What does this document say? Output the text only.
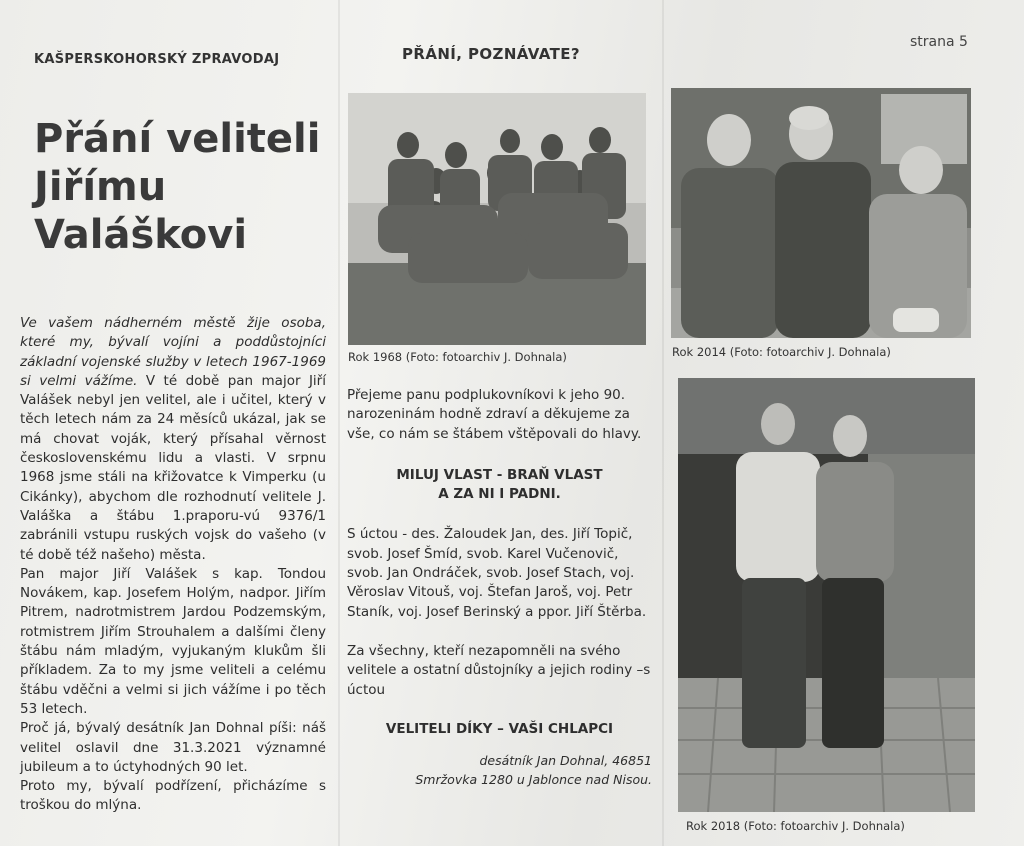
KAŠPERSKOHORSKÝ ZPRAVODAJ	PŘÁNÍ, POZNÁVATE?
strana 5
Přání veliteli
Jiřímu
Valáškovi

Ve vašem nádherném městě žije osoba, které my, bývalí vojíni a poddůstojníci základní vojenské služby v letech 1967-1969 si velmi vážíme. V té době pan major Jiří Valášek nebyl jen velitel, ale i učitel, který v těch letech nám za 24 měsíců ukázal, jak se má chovat voják, který přísahal věrnost československému lidu a vlasti. V srpnu 1968 jsme stáli na křižovatce k Vimperku (u Cikánky), abychom dle rozhodnutí velitele J. Valáška a štábu 1.praporu-vú 9376/1 zabránili vstupu ruských vojsk do vašeho (v té době též našeho) města.

Pan major Jiří Valášek s kap. Tondou Novákem, kap. Josefem Holým, nadpor. Jiřím Pitrem, nadrotmistrem Jardou Podzemským, rotmistrem Jiřím Strouhalem a dalšími členy štábu nám mladým, vyjukaným klukům šli příkladem. Za to my jsme veliteli a celému štábu vděčni a velmi si jich vážíme i po těch 53 letech.

Proč já, bývalý desátník Jan Dohnal píši: náš velitel oslavil dne 31.3.2021 významné jubileum a to úctyhodných 90 let.

Proto my, bývalí podřízení, přicházíme s troškou do mlýna.

Rok 1968 (Foto: fotoarchiv J. Dohnala)	Rok 2014 (Foto: fotoarchiv J. Dohnala)

Přejeme panu podplukovníkovi k jeho 90. narozeninám hodně zdraví a děkujeme za vše, co nám se štábem vštěpovali do hlavy.

MILUJ VLAST - BRAŇ VLAST

A ZA NI I PADNI.

S úctou - des. Žaloudek Jan, des. Jiří Topič, svob. Josef Šmíd, svob. Karel Vučenovič, svob. Jan Ondráček, svob. Josef Stach, voj. Věroslav Vitouš, voj. Štefan Jaroš, voj. Petr Staník, voj. Josef Berinský a ppor. Jiří Štěrba.

Za všechny, kteří nezapomněli na svého velitele a ostatní důstojníky a jejich rodiny –s úctou

VELITELI DÍKY – VAŠI CHLAPCI

desátník Jan Dohnal, 46851

Smržovka 1280 u Jablonce nad Nisou.

Rok 2018 (Foto: fotoarchiv J. Dohnala)
